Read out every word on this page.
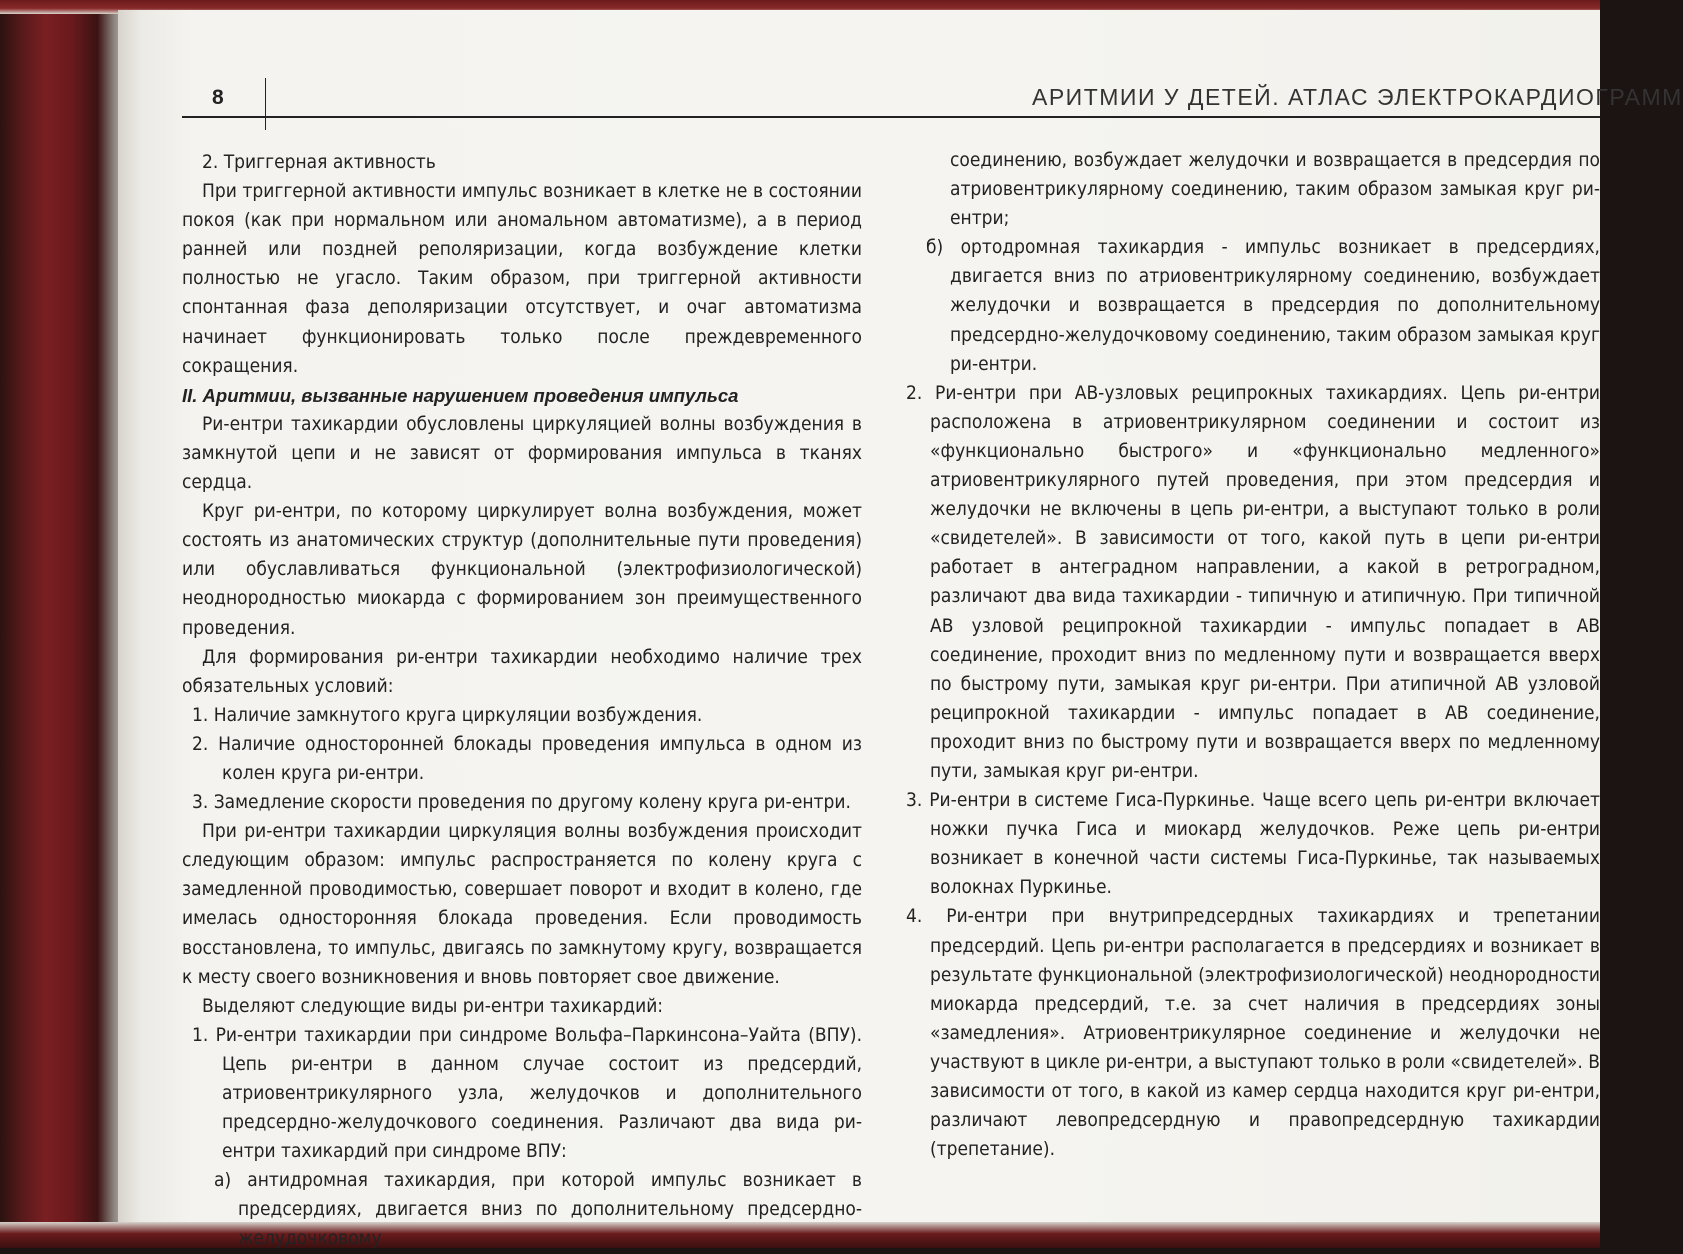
8	АРИТМИИ У ДЕТЕЙ. АТЛАС ЭЛЕКТРОКАРДИОГРАММ

2. Триггерная активность

При триггерной активности импульс возникает в клетке не в состоянии покоя (как при нормальном или аномальном автоматизме), а в период ранней или поздней реполяризации, когда возбуждение клетки полностью не угасло. Таким образом, при триггерной активности спонтанная фаза деполяризации отсутствует, и очаг автоматизма начинает функционировать только после преждевременного сокращения.

II. Аритмии, вызванные нарушением проведения импульса

Ри-ентри тахикардии обусловлены циркуляцией волны возбуждения в замкнутой цепи и не зависят от формирования импульса в тканях сердца.

Круг ри-ентри, по которому циркулирует волна возбуждения, может состоять из анатомических структур (дополнительные пути проведения) или обуславливаться функциональной (электрофизиологической) неоднородностью миокарда с формированием зон преимущественного проведения.

Для формирования ри-ентри тахикардии необходимо наличие трех обязательных условий:

1. Наличие замкнутого круга циркуляции возбуждения.

2. Наличие односторонней блокады проведения импульса в одном из колен круга ри-ентри.

3. Замедление скорости проведения по другому колену круга ри-ентри.

При ри-ентри тахикардии циркуляция волны возбуждения происходит следующим образом: импульс распространяется по колену круга с замедленной проводимостью, совершает поворот и входит в колено, где имелась односторонняя блокада проведения. Если проводимость восстановлена, то импульс, двигаясь по замкнутому кругу, возвращается к месту своего возникновения и вновь повторяет свое движение.

Выделяют следующие виды ри-ентри тахикардий:

1. Ри-ентри тахикардии при синдроме Вольфа–Паркинсона–Уайта (ВПУ). Цепь ри-ентри в данном случае состоит из предсердий, атриовентрикулярного узла, желудочков и дополнительного предсердно-желудочкового соединения. Различают два вида ри-ентри тахикардий при синдроме ВПУ:

а) антидромная тахикардия, при которой импульс возникает в предсердиях, двигается вниз по дополнительному предсердно-желудочковому

соединению, возбуждает желудочки и возвращается в предсердия по атриовентрикулярному соединению, таким образом замыкая круг ри-ентри;

б) ортодромная тахикардия - импульс возникает в предсердиях, двигается вниз по атриовентрикулярному соединению, возбуждает желудочки и возвращается в предсердия по дополнительному предсердно-желудочковому соединению, таким образом замыкая круг ри-ентри.

2. Ри-ентри при АВ-узловых реципрокных тахикардиях. Цепь ри-ентри расположена в атриовентрикулярном соединении и состоит из «функционально быстрого» и «функционально медленного» атриовентрикулярного путей проведения, при этом предсердия и желудочки не включены в цепь ри-ентри, а выступают только в роли «свидетелей». В зависимости от того, какой путь в цепи ри-ентри работает в антеградном направлении, а какой в ретроградном, различают два вида тахикардии - типичную и атипичную. При типичной АВ узловой реципрокной тахикардии - импульс попадает в АВ соединение, проходит вниз по медленному пути и возвращается вверх по быстрому пути, замыкая круг ри-ентри. При атипичной АВ узловой реципрокной тахикардии - импульс попадает в АВ соединение, проходит вниз по быстрому пути и возвращается вверх по медленному пути, замыкая круг ри-ентри.

3. Ри-ентри в системе Гиса-Пуркинье. Чаще всего цепь ри-ентри включает ножки пучка Гиса и миокард желудочков. Реже цепь ри-ентри возникает в конечной части системы Гиса-Пуркинье, так называемых волокнах Пуркинье.

4. Ри-ентри при внутрипредсердных тахикардиях и трепетании предсердий. Цепь ри-ентри располагается в предсердиях и возникает в результате функциональной (электрофизиологической) неоднородности миокарда предсердий, т.е. за счет наличия в предсердиях зоны «замедления». Атриовентрикулярное соединение и желудочки не участвуют в цикле ри-ентри, а выступают только в роли «свидетелей». В зависимости от того, в какой из камер сердца находится круг ри-ентри, различают левопредсердную и правопредсердную тахикардии (трепетание).
